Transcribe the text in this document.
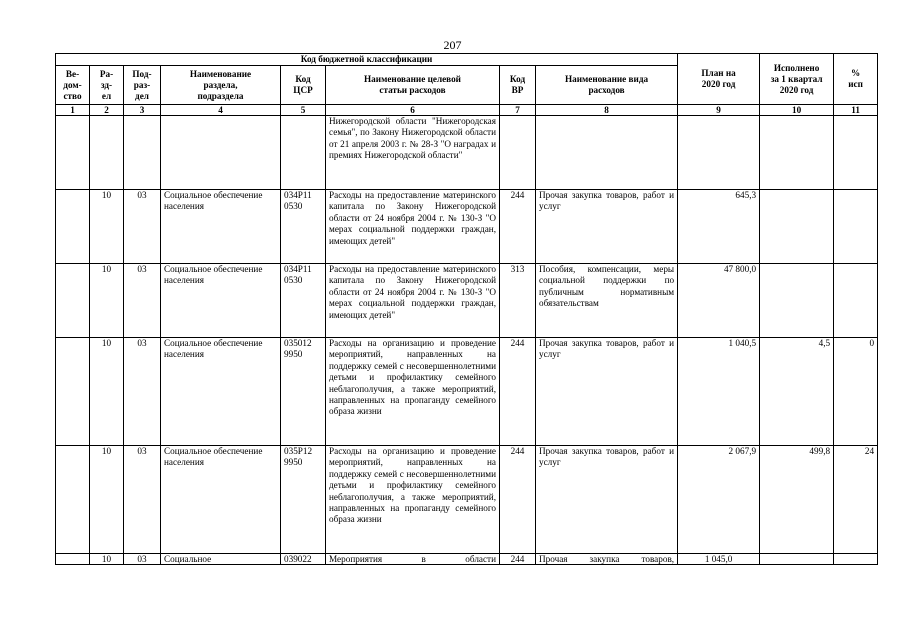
207
Код бюджетной классификации								План на
2020 год	Исполнено
за 1 квартал
2020 год	%
исп
Ве-
дом-
ство	Ра-
зд-
ел	Под-
раз-
дел	Наименование
раздела,
подраздела	Код
ЦСР	Наименование целевой
статьи расходов	Код
ВР	Наименование вида
расходов			
1	2	3	4	5	6	7	8	9	10	11
					Нижегородской области "Нижегородская семья", по Закону Нижегородской области от 21 апреля 2003 г. № 28-З "О наградах и премиях Нижегородской области"					
	10	03	Социальное обеспечение населения	034P11 0530	Расходы на предоставление материнского капитала по Закону Нижегородской области от 24 ноября 2004 г. № 130-З "О мерах социальной поддержки граждан, имеющих детей"	244	Прочая закупка товаров, работ и услуг	645,3		
	10	03	Социальное обеспечение населения	034P11 0530	Расходы на предоставление материнского капитала по Закону Нижегородской области от 24 ноября 2004 г. № 130-З "О мерах социальной поддержки граждан, имеющих детей"	313	Пособия, компенсации, меры социальной поддержки по публичным нормативным обязательствам	47 800,0		
	10	03	Социальное обеспечение населения	035012 9950	Расходы на организацию и проведение мероприятий, направленных на поддержку семей с несовершеннолетними детьми и профилактику семейного неблагополучия, а также мероприятий, направленных на пропаганду семейного образа жизни	244	Прочая закупка товаров, работ и услуг	1 040,5	4,5	0
	10	03	Социальное обеспечение населения	035P12 9950	Расходы на организацию и проведение мероприятий, направленных на поддержку семей с несовершеннолетними детьми и профилактику семейного неблагополучия, а также мероприятий, направленных на пропаганду семейного образа жизни	244	Прочая закупка товаров, работ и услуг	2 067,9	499,8	24
	10	03	Социальное	039022	Мероприятия в области	244	Прочая закупка товаров,	1 045,0		
